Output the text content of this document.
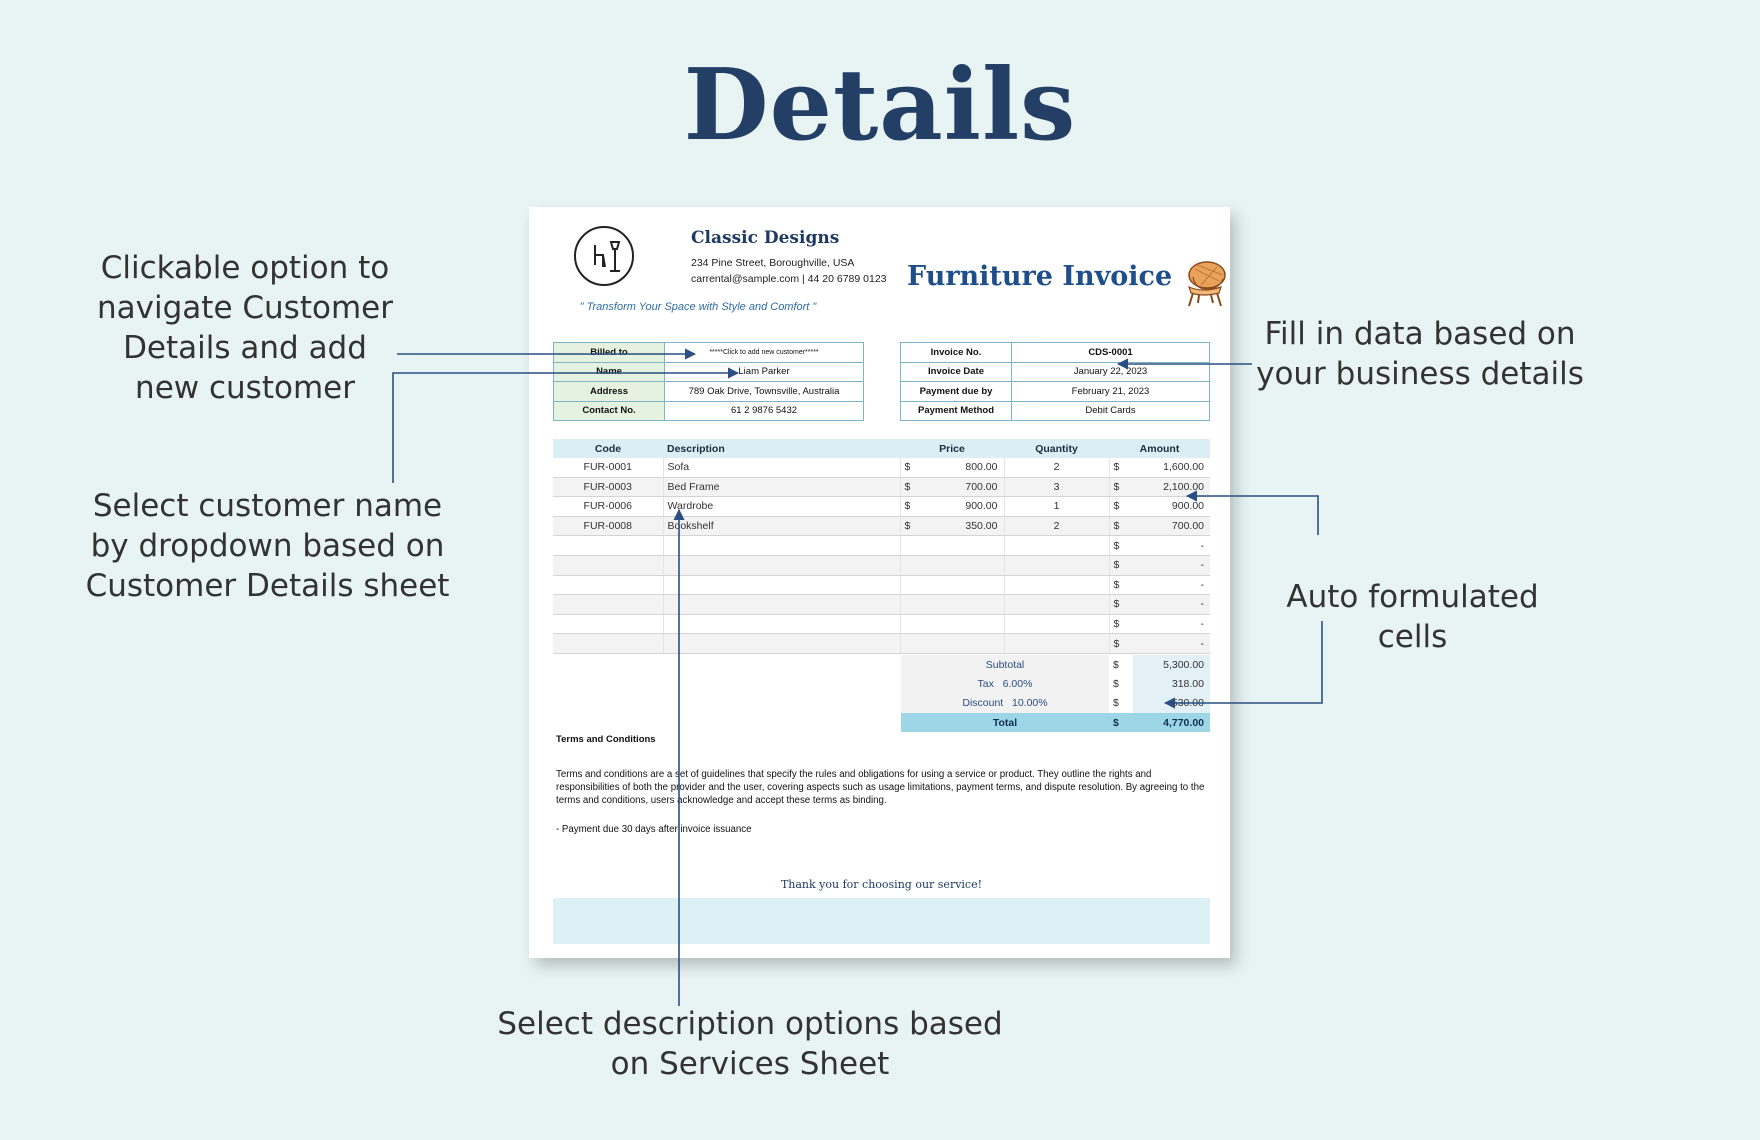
Details
Clickable option to navigate Customer Details and add new customer
Select customer name by dropdown based on Customer Details sheet
Fill in data based on your business details
Auto formulated cells
Select description options based on Services Sheet
Classic Designs
234 Pine Street, Boroughville, USA
carrental@sample.com | 44 20 6789 0123
" Transform Your Space with Style and Comfort "
Furniture Invoice
Billed to	*****Click to add new customer*****
Name	Liam Parker
Address	789 Oak Drive, Townsville, Australia
Contact No.	61 2 9876 5432
Invoice No.	CDS-0001
Invoice Date	January 22, 2023
Payment due by	February 21, 2023
Payment Method	Debit Cards
Code	Description	Price		Quantity	Amount	
FUR-0001	Sofa	$	800.00	2	$	1,600.00
FUR-0003	Bed Frame	$	700.00	3	$	2,100.00
FUR-0006	Wardrobe	$	900.00	1	$	900.00
FUR-0008	Bookshelf	$	350.00	2	$	700.00
					$	-
					$	-
					$	-
					$	-
					$	-
					$	-
Subtotal	$	5,300.00
Tax 6.00%	$	318.00
Discount 10.00%	$	530.00
Total	$	4,770.00
Terms and Conditions
Terms and conditions are a set of guidelines that specify the rules and obligations for using a service or product. They outline the rights and responsibilities of both the provider and the user, covering aspects such as usage limitations, payment terms, and dispute resolution. By agreeing to the terms and conditions, users acknowledge and accept these terms as binding.
- Payment due 30 days after invoice issuance
Thank you for choosing our service!
